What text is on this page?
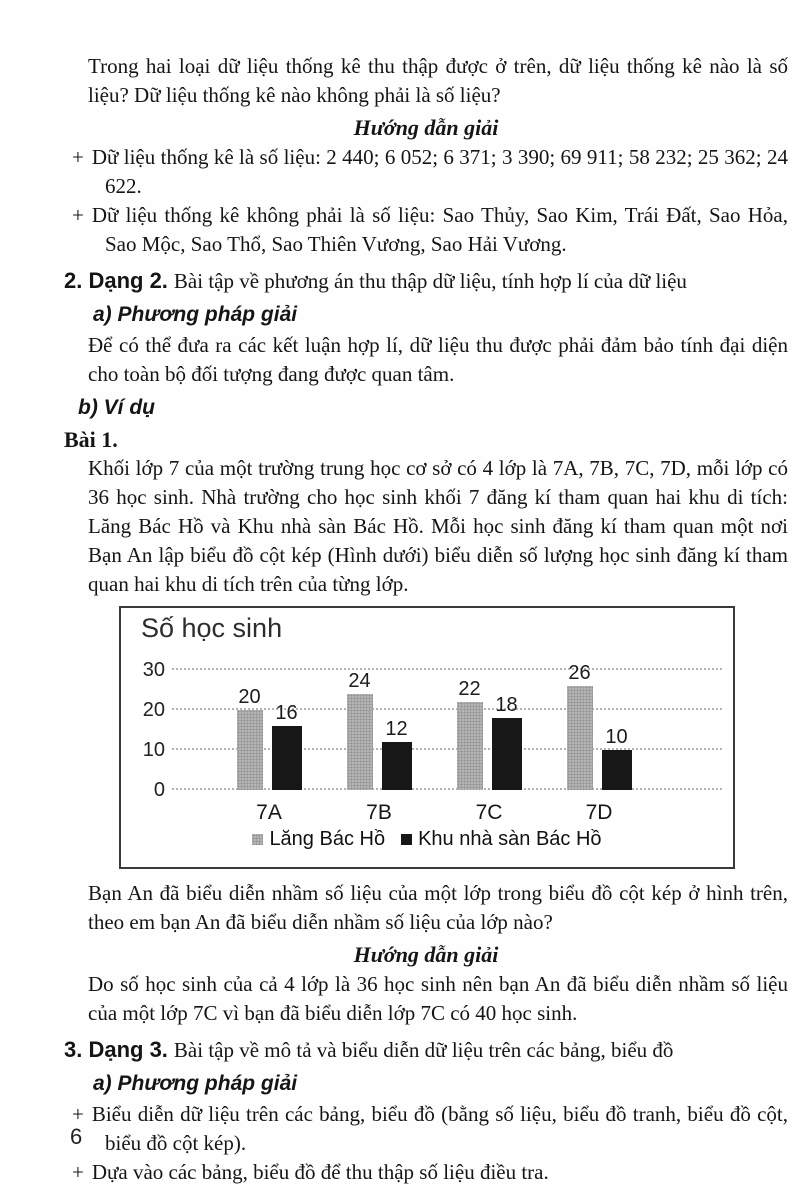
Trong hai loại dữ liệu thống kê thu thập được ở trên, dữ liệu thống kê nào là số liệu? Dữ liệu thống kê nào không phải là số liệu?

Hướng dẫn giải

+ Dữ liệu thống kê là số liệu: 2 440; 6 052; 6 371; 3 390; 69 911; 58 232; 25 362; 24 622.

+ Dữ liệu thống kê không phải là số liệu: Sao Thủy, Sao Kim, Trái Đất, Sao Hỏa, Sao Mộc, Sao Thổ, Sao Thiên Vương, Sao Hải Vương.

2. Dạng 2. Bài tập về phương án thu thập dữ liệu, tính hợp lí của dữ liệu

a) Phương pháp giải

Để có thể đưa ra các kết luận hợp lí, dữ liệu thu được phải đảm bảo tính đại diện cho toàn bộ đối tượng đang được quan tâm.

b) Ví dụ
Bài 1.

Khối lớp 7 của một trường trung học cơ sở có 4 lớp là 7A, 7B, 7C, 7D, mỗi lớp có 36 học sinh. Nhà trường cho học sinh khối 7 đăng kí tham quan hai khu di tích: Lăng Bác Hồ và Khu nhà sàn Bác Hồ. Mỗi học sinh đăng kí tham quan một nơi Bạn An lập biểu đồ cột kép (Hình dưới) biểu diễn số lượng học sinh đăng kí tham quan hai khu di tích trên của từng lớp.

Số học sinh
0
10
20
30
20
16
24
12
22
18
26
10
7A	7B	7C	7D
Lăng Bác Hồ Khu nhà sàn Bác Hồ

Bạn An đã biểu diễn nhầm số liệu của một lớp trong biểu đồ cột kép ở hình trên, theo em bạn An đã biểu diễn nhầm số liệu của lớp nào?

Hướng dẫn giải

Do số học sinh của cả 4 lớp là 36 học sinh nên bạn An đã biểu diễn nhầm số liệu của một lớp 7C vì bạn đã biểu diễn lớp 7C có 40 học sinh.

3. Dạng 3. Bài tập về mô tả và biểu diễn dữ liệu trên các bảng, biểu đồ

a) Phương pháp giải

+ Biểu diễn dữ liệu trên các bảng, biểu đồ (bằng số liệu, biểu đồ tranh, biểu đồ cột, biểu đồ cột kép).

+ Dựa vào các bảng, biểu đồ để thu thập số liệu điều tra.

6
